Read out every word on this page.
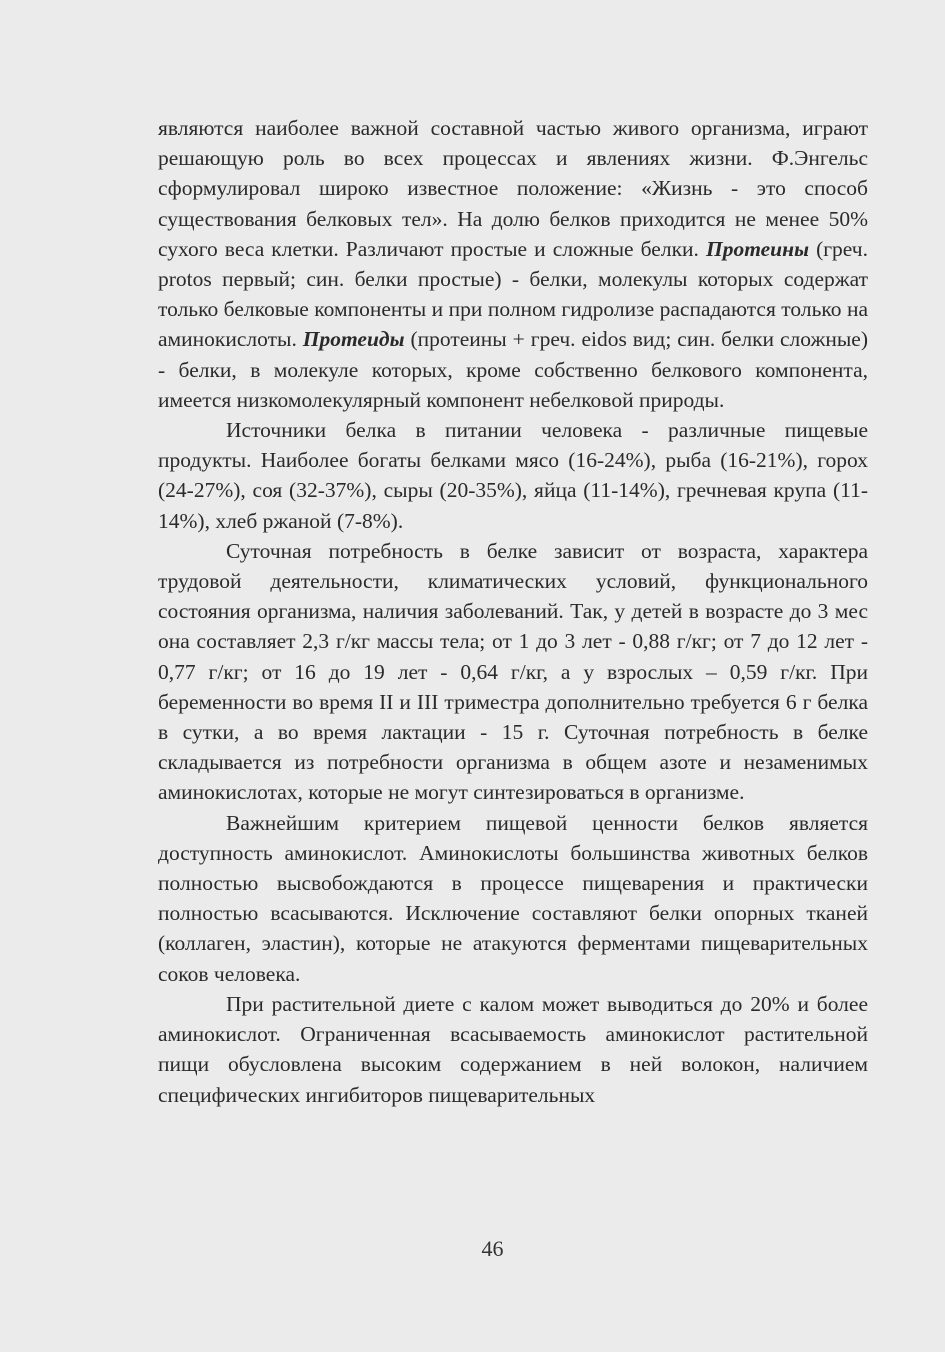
являются наиболее важной составной частью живого организма, играют решающую роль во всех процессах и явлениях жизни. Ф.Энгельс сформулировал широко известное положение: «Жизнь - это способ существования белковых тел». На долю белков приходится не менее 50% сухого веса клетки. Различают простые и сложные белки. Протеины (греч. protos первый; син. белки простые) - белки, молекулы которых содержат только белковые компоненты и при полном гидролизе распадаются только на аминокислоты. Протеиды (протеины + греч. eidos вид; син. белки сложные) - белки, в молекуле которых, кроме собственно белкового компонента, имеется низкомолекулярный компонент небелковой природы.

Источники белка в питании человека - различные пищевые продукты. Наиболее богаты белками мясо (16-24%), рыба (16-21%), горох (24-27%), соя (32-37%), сыры (20-35%), яйца (11-14%), гречневая крупа (11-14%), хлеб ржаной (7-8%).

Суточная потребность в белке зависит от возраста, характера трудовой деятельности, климатических условий, функционального состояния организма, наличия заболеваний. Так, у детей в возрасте до 3 мес она составляет 2,3 г/кг массы тела; от 1 до 3 лет - 0,88 г/кг; от 7 до 12 лет - 0,77 г/кг; от 16 до 19 лет - 0,64 г/кг, а у взрослых – 0,59 г/кг. При беременности во время II и III триместра дополнительно требуется 6 г белка в сутки, а во время лактации - 15 г. Суточная потребность в белке складывается из потребности организма в общем азоте и незаменимых аминокислотах, которые не могут синтезироваться в организме.

Важнейшим критерием пищевой ценности белков является доступность аминокислот. Аминокислоты большинства животных белков полностью высвобождаются в процессе пищеварения и практически полностью всасываются. Исключение составляют белки опорных тканей (коллаген, эластин), которые не атакуются ферментами пищеварительных соков человека.

При растительной диете с калом может выводиться до 20% и более аминокислот. Ограниченная всасываемость аминокислот растительной пищи обусловлена высоким содержанием в ней волокон, наличием специфических ингибиторов пищеварительных

46
